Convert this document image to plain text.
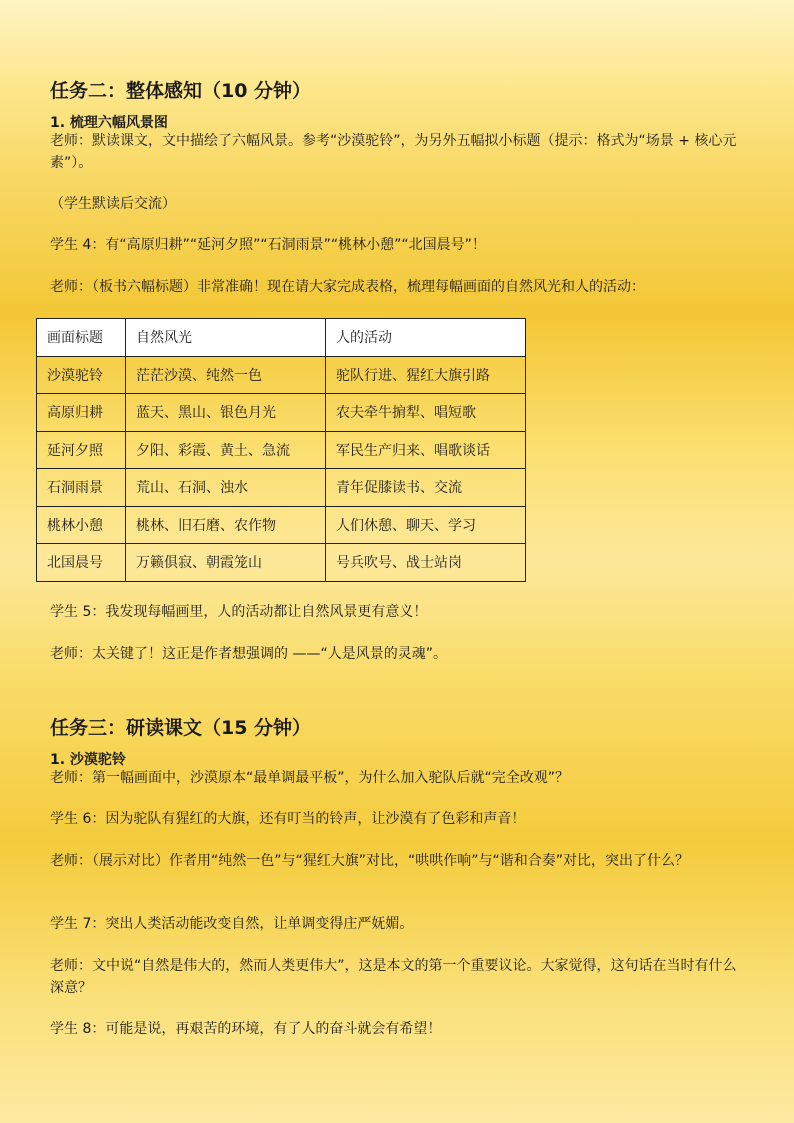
任务二：整体感知（10 分钟）
1. 梳理六幅风景图
老师：默读课文，文中描绘了六幅风景。参考“沙漠驼铃”，为另外五幅拟小标题（提示：格式为“场景 + 核心元素”）。
（学生默读后交流）
学生 4：有“高原归耕”“延河夕照”“石洞雨景”“桃林小憩”“北国晨号”！
老师：（板书六幅标题）非常准确！现在请大家完成表格，梳理每幅画面的自然风光和人的活动：
画面标题	自然风光	人的活动
沙漠驼铃	茫茫沙漠、纯然一色	驼队行进、猩红大旗引路
高原归耕	蓝天、黑山、银色月光	农夫牵牛掮犁、唱短歌
延河夕照	夕阳、彩霞、黄土、急流	军民生产归来、唱歌谈话
石洞雨景	荒山、石洞、浊水	青年促膝读书、交流
桃林小憩	桃林、旧石磨、农作物	人们休憩、聊天、学习
北国晨号	万籁俱寂、朝霞笼山	号兵吹号、战士站岗
学生 5：我发现每幅画里，人的活动都让自然风景更有意义！
老师：太关键了！这正是作者想强调的 ——“人是风景的灵魂”。
任务三：研读课文（15 分钟）
1. 沙漠驼铃
老师：第一幅画面中，沙漠原本“最单调最平板”，为什么加入驼队后就“完全改观”？
学生 6：因为驼队有猩红的大旗，还有叮当的铃声，让沙漠有了色彩和声音！
老师：（展示对比）作者用“纯然一色”与“猩红大旗”对比，“哄哄作响”与“谐和合奏”对比，突出了什么？
学生 7：突出人类活动能改变自然，让单调变得庄严妩媚。
老师：文中说“自然是伟大的，然而人类更伟大”，这是本文的第一个重要议论。大家觉得，这句话在当时有什么深意？
学生 8：可能是说，再艰苦的环境，有了人的奋斗就会有希望！
